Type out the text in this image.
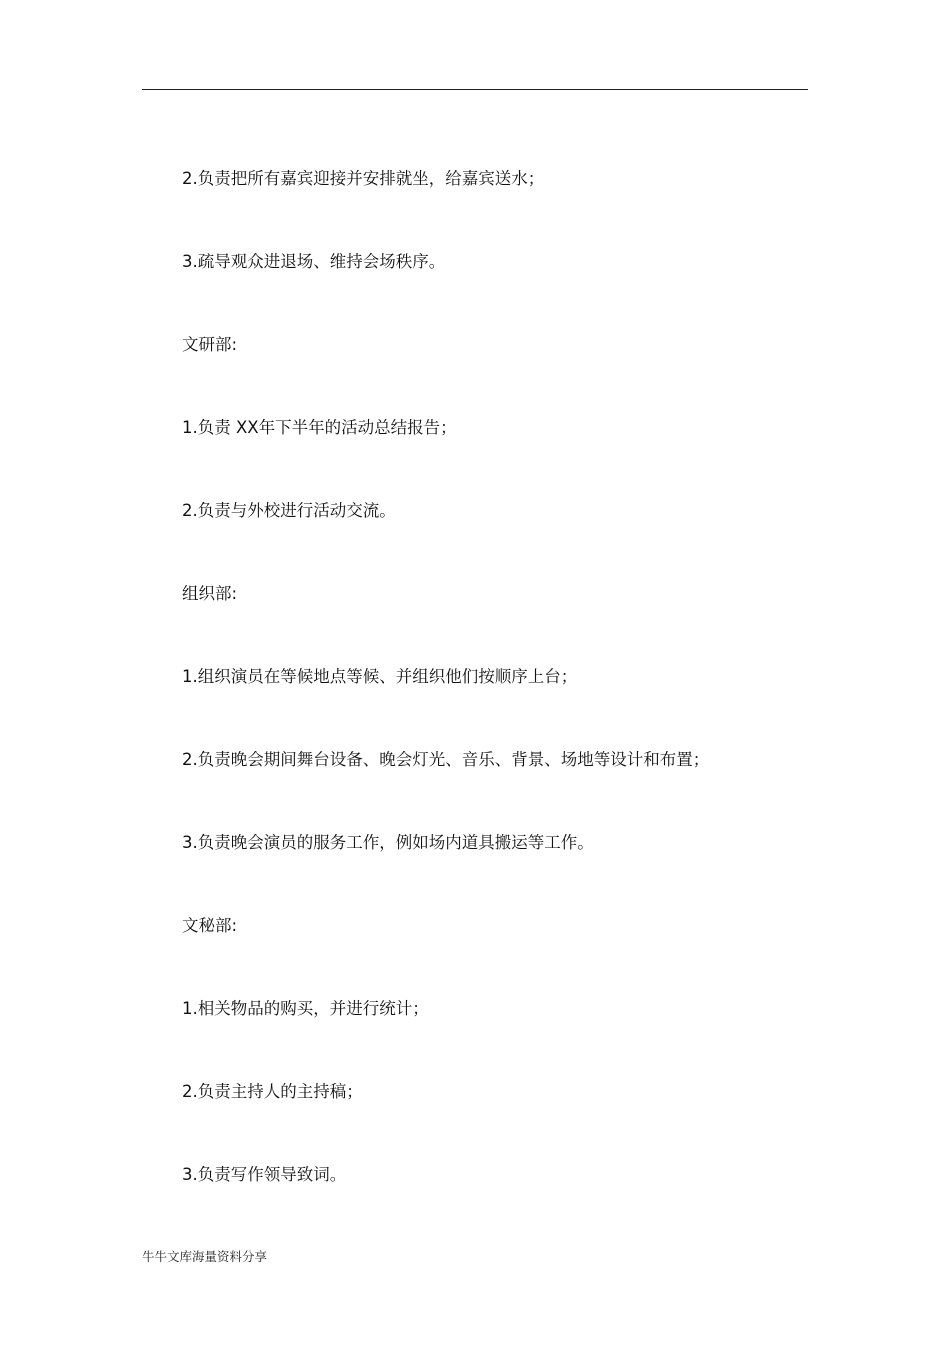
2.负责把所有嘉宾迎接并安排就坐，给嘉宾送水；
3.疏导观众进退场、维持会场秩序。
文研部:
1.负责 XX年下半年的活动总结报告；
2.负责与外校进行活动交流。
组织部:
1.组织演员在等候地点等候、并组织他们按顺序上台；
2.负责晚会期间舞台设备、晚会灯光、音乐、背景、场地等设计和布置；
3.负责晚会演员的服务工作，例如场内道具搬运等工作。
文秘部:
1.相关物品的购买，并进行统计；
2.负责主持人的主持稿；
3.负责写作领导致词。
牛牛文库海量资料分享
